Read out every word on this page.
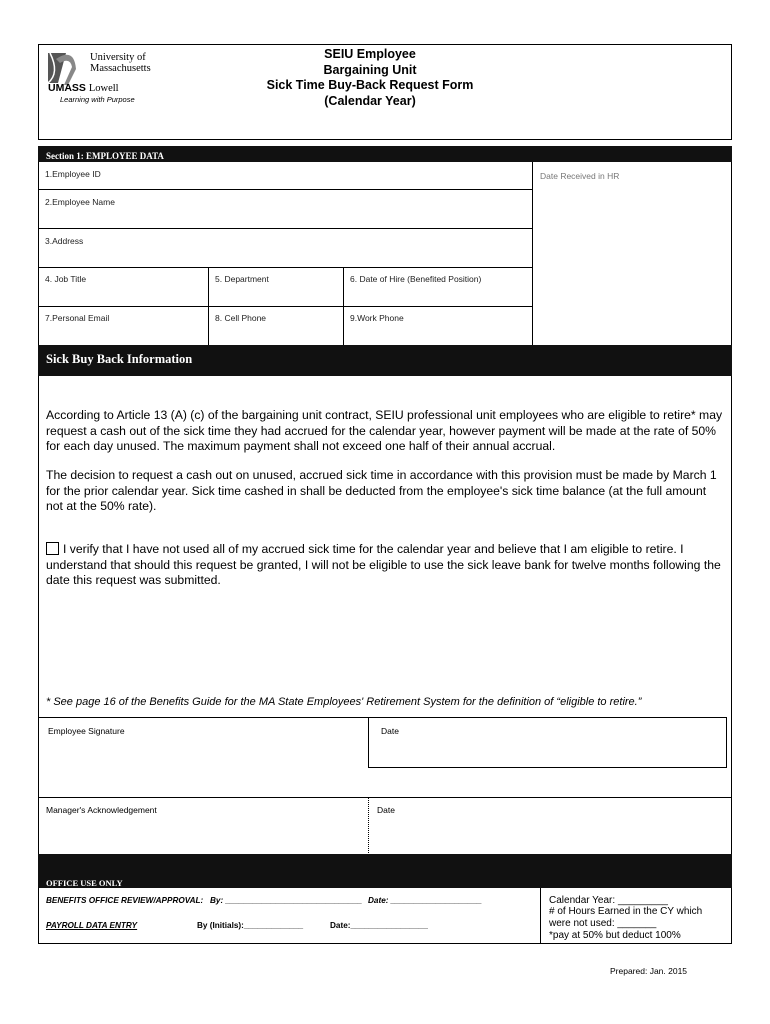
University of
Massachusetts
UMASS Lowell
Learning with Purpose
SEIU Employee
Bargaining Unit
Sick Time Buy-Back Request Form
(Calendar Year)
Section 1: EMPLOYEE DATA
1.Employee ID	Date Received in HR
2.Employee Name
3.Address
4. Job Title	5. Department	6. Date of Hire (Benefited Position)
7.Personal Email	8. Cell Phone	9.Work Phone
Sick Buy Back Information

According to Article 13 (A) (c) of the bargaining unit contract, SEIU professional unit employees who are eligible to retire* may request a cash out of the sick time they had accrued for the calendar year, however payment will be made at the rate of 50% for each day unused. The maximum payment shall not exceed one half of their annual accrual.

The decision to request a cash out on unused, accrued sick time in accordance with this provision must be made by March 1 for the prior calendar year. Sick time cashed in shall be deducted from the employee's sick time balance (at the full amount not at the 50% rate).

I verify that I have not used all of my accrued sick time for the calendar year and believe that I am eligible to retire. I understand that should this request be granted, I will not be eligible to use the sick leave bank for twelve months following the date this request was submitted.

* See page 16 of the Benefits Guide for the MA State Employees' Retirement System for the definition of “eligible to retire.”
Employee Signature	Date
Manager's Acknowledgement	Date
OFFICE USE ONLY
BENEFITS OFFICE REVIEW/APPROVAL: By: ______________________________ Date: ____________________
PAYROLL DATA ENTRY	By (Initials):_____________	Date:_________________
Calendar Year: _________
# of Hours Earned in the CY which
were not used: _______
*pay at 50% but deduct 100%
Prepared: Jan. 2015
